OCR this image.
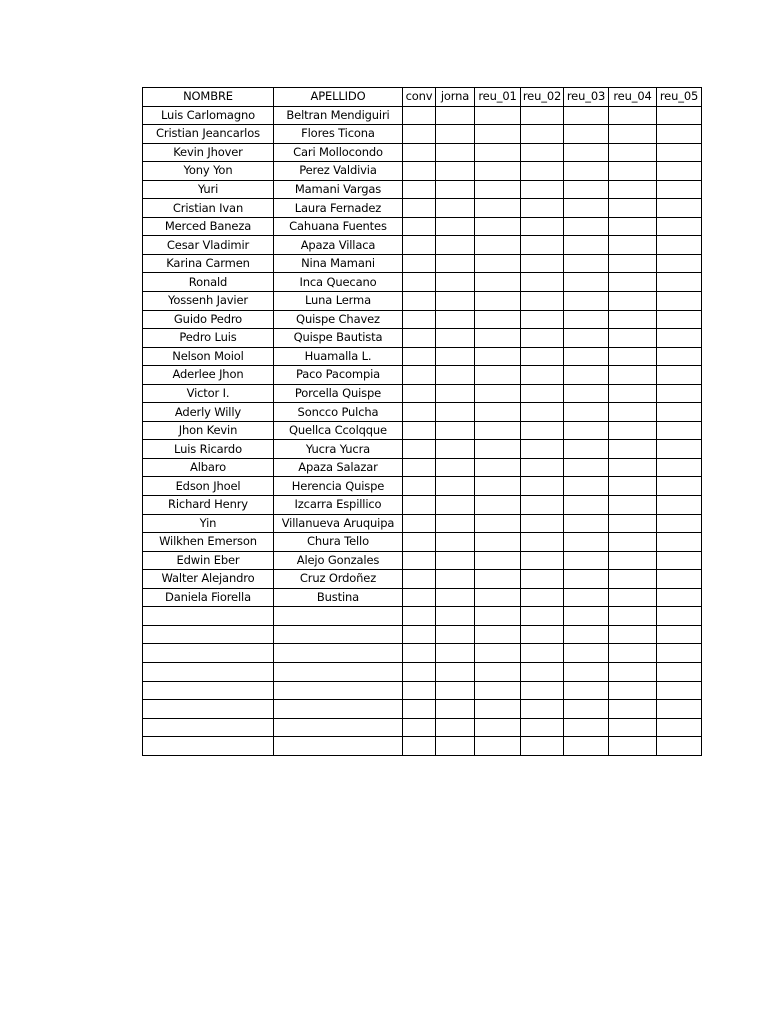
NOMBRE	APELLIDO	conv	jorna	reu_01	reu_02	reu_03	reu_04	reu_05
Luis Carlomagno	Beltran Mendiguiri							
Cristian Jeancarlos	Flores Ticona							
Kevin Jhover	Cari Mollocondo							
Yony Yon	Perez Valdivia							
Yuri	Mamani Vargas							
Cristian Ivan	Laura Fernadez							
Merced Baneza	Cahuana Fuentes							
Cesar Vladimir	Apaza Villaca							
Karina Carmen	Nina Mamani							
Ronald	Inca Quecano							
Yossenh Javier	Luna Lerma							
Guido Pedro	Quispe Chavez							
Pedro Luis	Quispe Bautista							
Nelson Moiol	Huamalla L.							
Aderlee Jhon	Paco Pacompia							
Victor I.	Porcella Quispe							
Aderly Willy	Soncco Pulcha							
Jhon Kevin	Quellca Ccolqque							
Luis Ricardo	Yucra Yucra							
Albaro	Apaza Salazar							
Edson Jhoel	Herencia Quispe							
Richard Henry	Izcarra Espillico							
Yin	Villanueva Aruquipa							
Wilkhen Emerson	Chura Tello							
Edwin Eber	Alejo Gonzales							
Walter Alejandro	Cruz Ordoñez							
Daniela Fiorella	Bustina							
